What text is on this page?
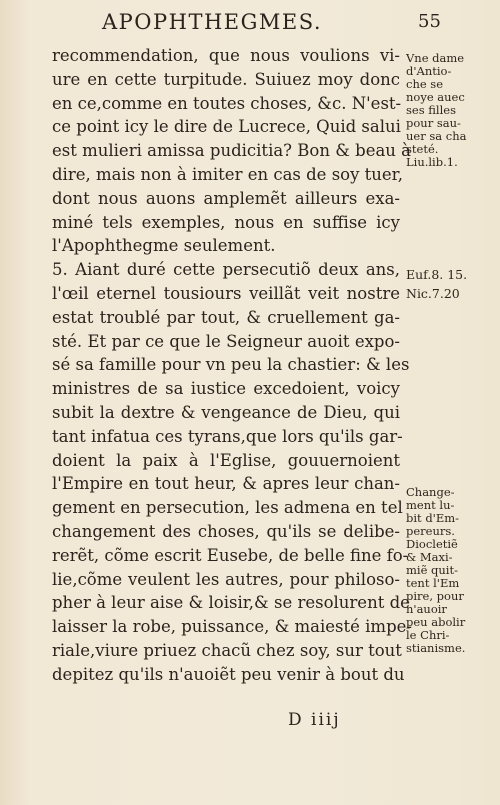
APOPHTHEGMES.	55
recommendation, que nous voulions vi-
ure en cette turpitude. Suiuez moy donc
en ce,comme en toutes choses, &c. N'est-
ce point icy le dire de Lucrece, Quid salui
est mulieri amissa pudicitia? Bon & beau à
dire, mais non à imiter en cas de soy tuer,
dont nous auons amplemẽt ailleurs exa-
miné tels exemples, nous en suffise icy
l'Apophthegme seulement.
5. Aiant duré cette persecutiõ deux ans,
l'œil eternel tousiours veillãt veit nostre
estat troublé par tout, & cruellement ga-
sté. Et par ce que le Seigneur auoit expo-
sé sa famille pour vn peu la chastier: & les
ministres de sa iustice excedoient, voicy
subit la dextre & vengeance de Dieu, qui
tant infatua ces tyrans,que lors qu'ils gar-
doient la paix à l'Eglise, gouuernoient
l'Empire en tout heur, & apres leur chan-
gement en persecution, les admena en tel
changement des choses, qu'ils se delibe-
rerẽt, cõme escrit Eusebe, de belle fine fo-
lie,cõme veulent les autres, pour philoso-
pher à leur aise & loisir,& se resolurent de
laisser la robe, puissance, & maiesté impe-
riale,viure priuez chacũ chez soy, sur tout
depitez qu'ils n'auoiẽt peu venir à bout du
Vne dame
d'Antio-
che se
noye auec
ses filles
pour sau-
uer sa cha
steté.
Liu.lib.1.
Euf.8. 15.
Nic.7.20
Change-
ment lu-
bit d'Em-
pereurs.
Diocletiẽ
& Maxi-
miẽ quit-
tent l'Em
pire, pour
n'auoir
peu abolir
le Chri-
stianisme.
D iiij
